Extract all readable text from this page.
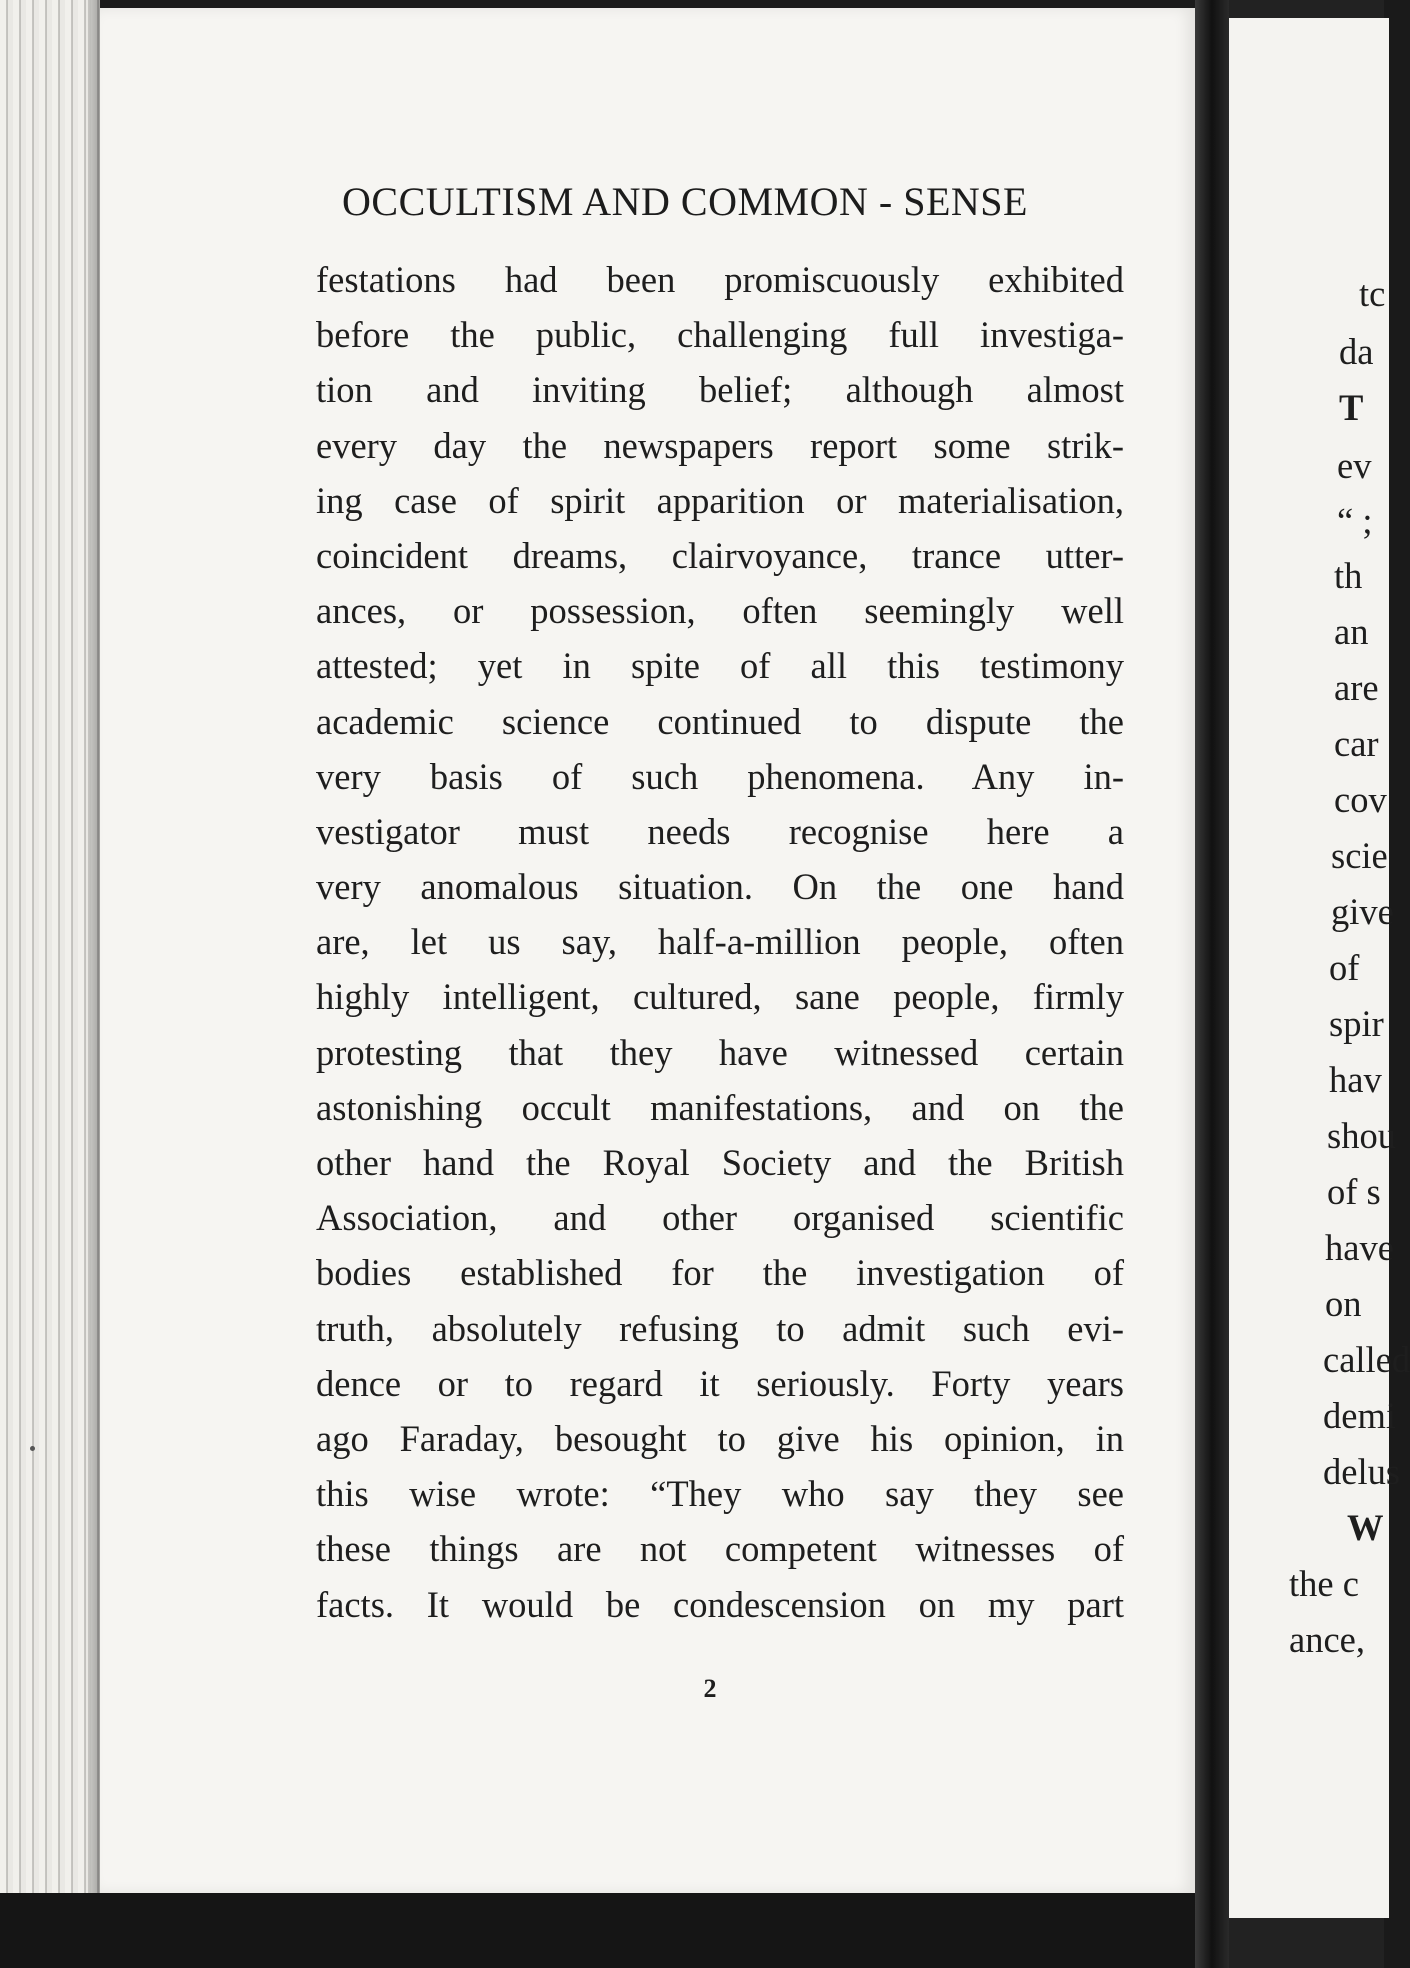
OCCULTISM AND COMMON - SENSE
festations had been promiscuously exhibited
before the public, challenging full investiga-
tion and inviting belief; although almost
every day the newspapers report some strik-
ing case of spirit apparition or materialisation,
coincident dreams, clairvoyance, trance utter-
ances, or possession, often seemingly well
attested; yet in spite of all this testimony
academic science continued to dispute the
very basis of such phenomena. Any in-
vestigator must needs recognise here a
very anomalous situation. On the one hand
are, let us say, half-a-million people, often
highly intelligent, cultured, sane people, firmly
protesting that they have witnessed certain
astonishing occult manifestations, and on the
other hand the Royal Society and the British
Association, and other organised scientific
bodies established for the investigation of
truth, absolutely refusing to admit such evi-
dence or to regard it seriously. Forty years
ago Faraday, besought to give his opinion, in
this wise wrote: “They who say they see
these things are not competent witnesses of
facts. It would be condescension on my part
2
tc
da
T
ev
“ ;
th
an
are
car
cov
scie
give
of
spir
hav
shou
of s
have
on
called
demi
delus
W
the c
ance,
